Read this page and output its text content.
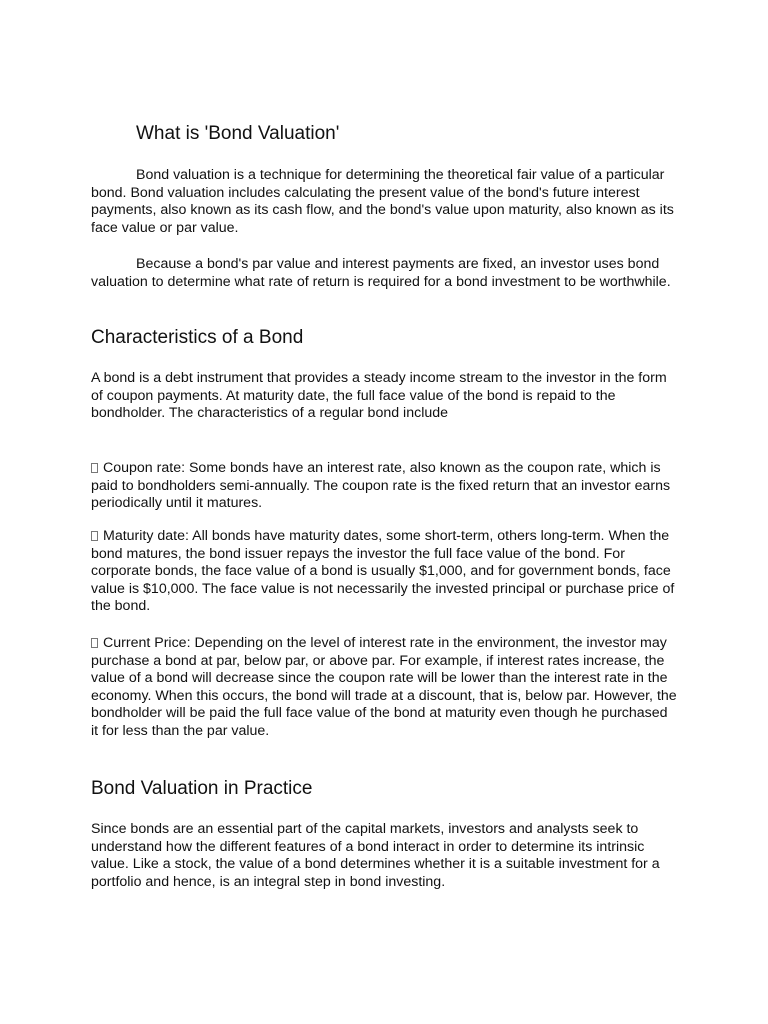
What is 'Bond Valuation'

Bond valuation is a technique for determining the theoretical fair value of a particular bond. Bond valuation includes calculating the present value of the bond's future interest payments, also known as its cash flow, and the bond's value upon maturity, also known as its face value or par value.

Because a bond's par value and interest payments are fixed, an investor uses bond valuation to determine what rate of return is required for a bond investment to be worthwhile.

Characteristics of a Bond

A bond is a debt instrument that provides a steady income stream to the investor in the form of coupon payments. At maturity date, the full face value of the bond is repaid to the bondholder. The characteristics of a regular bond include

Coupon rate: Some bonds have an interest rate, also known as the coupon rate, which is paid to bondholders semi-annually. The coupon rate is the fixed return that an investor earns periodically until it matures.

Maturity date: All bonds have maturity dates, some short-term, others long-term. When the bond matures, the bond issuer repays the investor the full face value of the bond. For corporate bonds, the face value of a bond is usually $1,000, and for government bonds, face value is $10,000. The face value is not necessarily the invested principal or purchase price of the bond.

Current Price: Depending on the level of interest rate in the environment, the investor may purchase a bond at par, below par, or above par. For example, if interest rates increase, the value of a bond will decrease since the coupon rate will be lower than the interest rate in the economy. When this occurs, the bond will trade at a discount, that is, below par. However, the bondholder will be paid the full face value of the bond at maturity even though he purchased it for less than the par value.

Bond Valuation in Practice

Since bonds are an essential part of the capital markets, investors and analysts seek to understand how the different features of a bond interact in order to determine its intrinsic value. Like a stock, the value of a bond determines whether it is a suitable investment for a portfolio and hence, is an integral step in bond investing.
